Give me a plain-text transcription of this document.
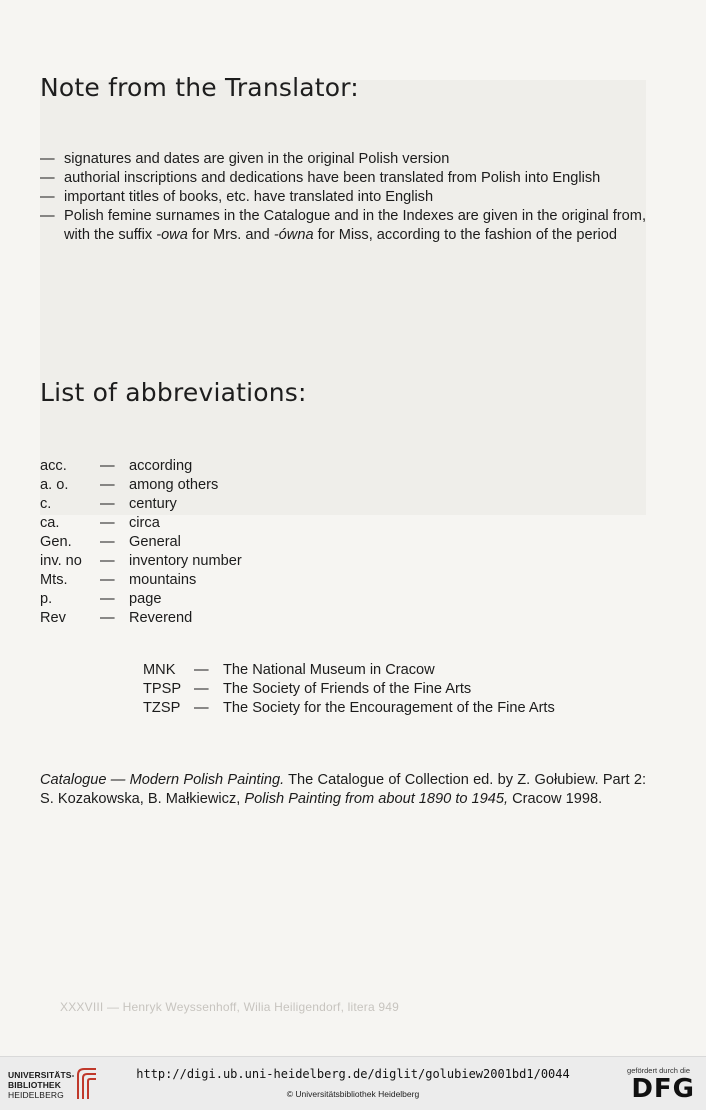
Note from the Translator:
— signatures and dates are given in the original Polish version
— authorial inscriptions and dedications have been translated from Polish into English
— important titles of books, etc. have translated into English
— Polish femine surnames in the Catalogue and in the Indexes are given in the original from, with the suffix -owa for Mrs. and -ówna for Miss, according to the fashion of the period
List of abbreviations:
acc.	—	according
a. o.	—	among others
c.	—	century
ca.	—	circa
Gen.	—	General
inv. no	—	inventory number
Mts.	—	mountains
p.	—	page
Rev	—	Reverend
MNK	—	The National Museum in Cracow
TPSP	—	The Society of Friends of the Fine Arts
TZSP	—	The Society for the Encouragement of the Fine Arts

Catalogue — Modern Polish Painting. The Catalogue of Collection ed. by Z. Gołubiew. Part 2: S. Kozakowska, B. Małkiewicz, Polish Painting from about 1890 to 1945, Cracow 1998.

XXXVIII — Henryk Weyssenhoff, Wilia Heiligendorf, litera 949
UNIVERSITÄTS-
BIBLIOTHEK
HEIDELBERG
http://digi.ub.uni-heidelberg.de/diglit/golubiew2001bd1/0044
© Universitätsbibliothek Heidelberg
gefördert durch die
DFG
